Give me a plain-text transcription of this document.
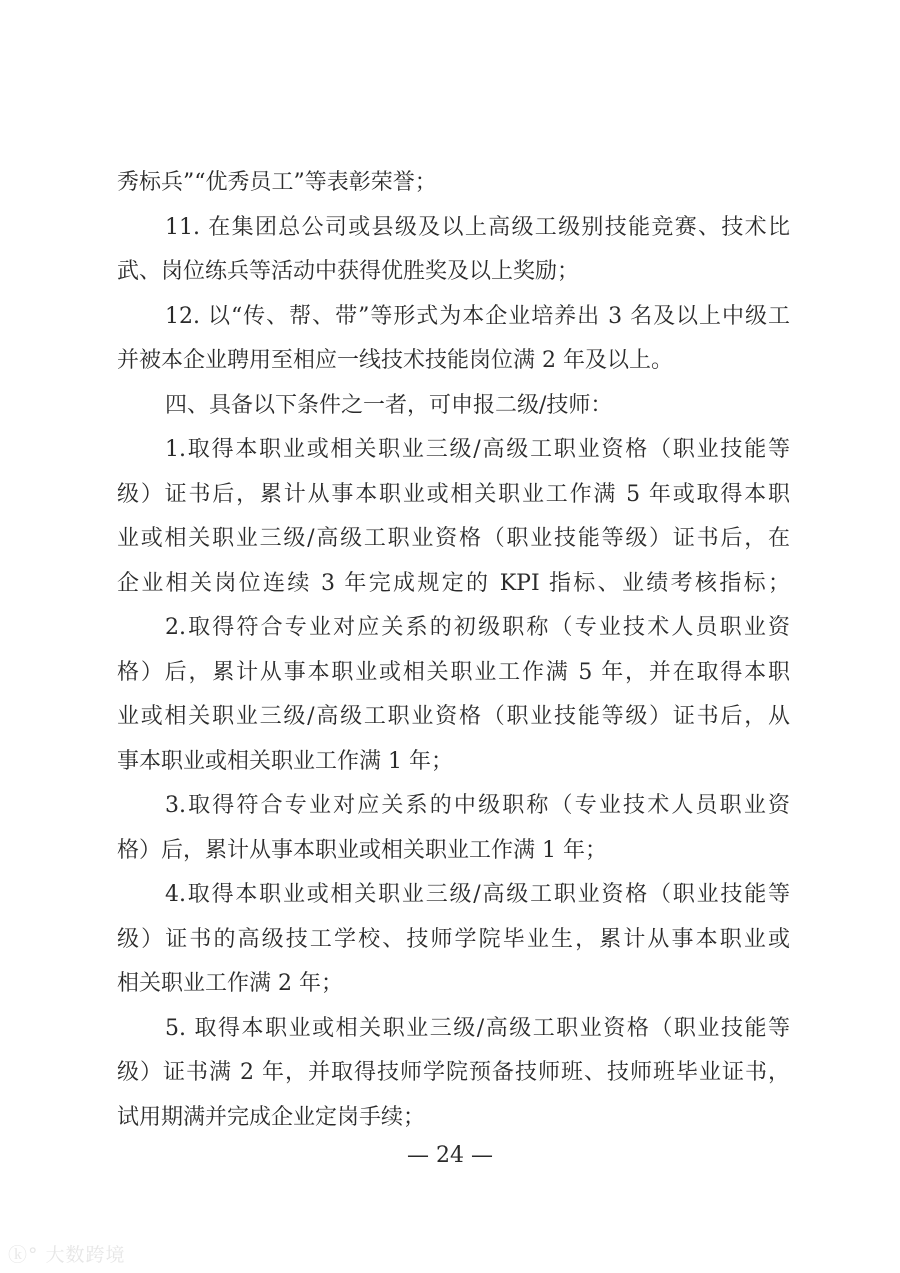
秀标兵”“优秀员工”等表彰荣誉；
11. 在集团总公司或县级及以上高级工级别技能竞赛、技术比
武、岗位练兵等活动中获得优胜奖及以上奖励；
12. 以“传、帮、带”等形式为本企业培养出 3 名及以上中级工
并被本企业聘用至相应一线技术技能岗位满 2 年及以上。
四、具备以下条件之一者，可申报二级/技师：
1.取得本职业或相关职业三级/高级工职业资格（职业技能等
级）证书后，累计从事本职业或相关职业工作满 5 年或取得本职
业或相关职业三级/高级工职业资格（职业技能等级）证书后，在
企业相关岗位连续 3 年完成规定的 KPI 指标、业绩考核指标；
2.取得符合专业对应关系的初级职称（专业技术人员职业资
格）后，累计从事本职业或相关职业工作满 5 年，并在取得本职
业或相关职业三级/高级工职业资格（职业技能等级）证书后，从
事本职业或相关职业工作满 1 年；
3.取得符合专业对应关系的中级职称（专业技术人员职业资
格）后，累计从事本职业或相关职业工作满 1 年；
4.取得本职业或相关职业三级/高级工职业资格（职业技能等
级）证书的高级技工学校、技师学院毕业生，累计从事本职业或
相关职业工作满 2 年；
5. 取得本职业或相关职业三级/高级工职业资格（职业技能等
级）证书满 2 年，并取得技师学院预备技师班、技师班毕业证书，
试用期满并完成企业定岗手续；
— 24 —
ⓚ° 大数跨境
